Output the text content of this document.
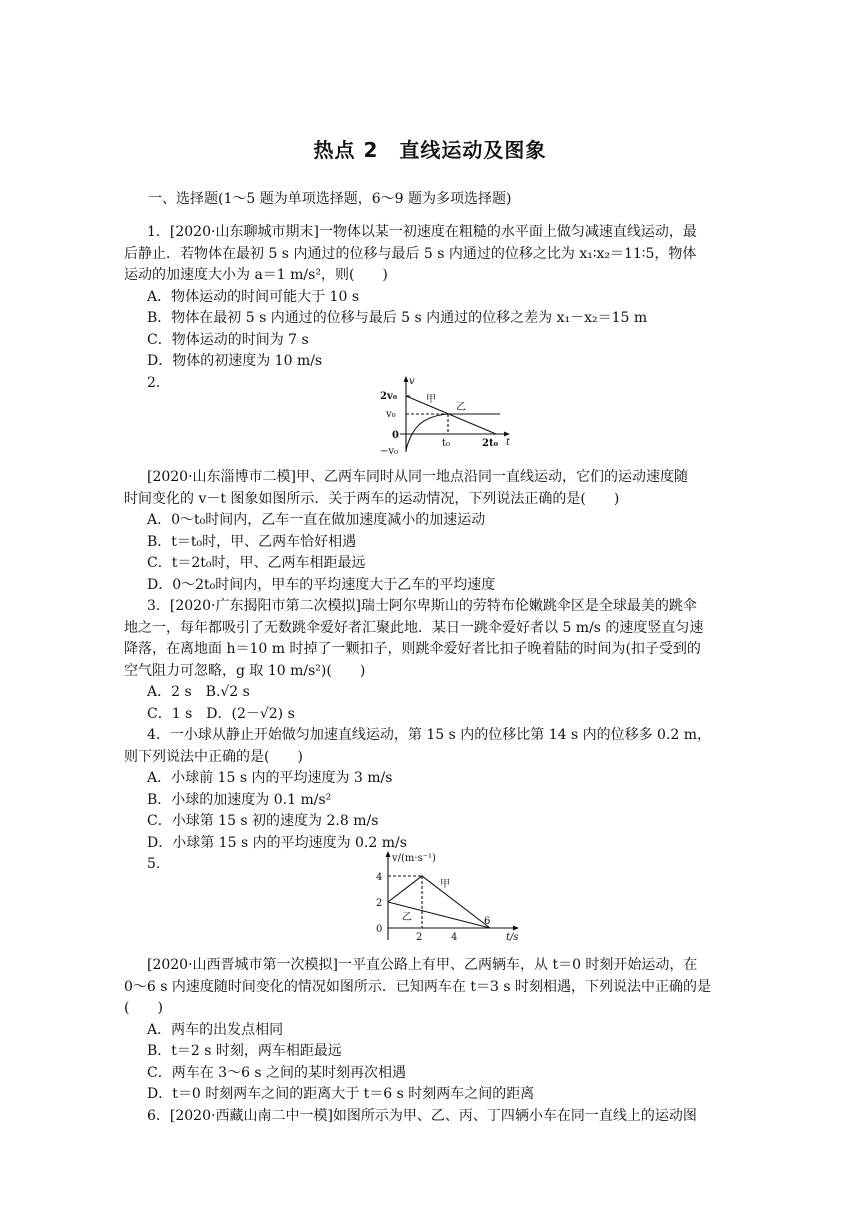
热点 2　直线运动及图象
一、选择题(1～5 题为单项选择题，6～9 题为多项选择题)

1．[2020·山东聊城市期末]一物体以某一初速度在粗糙的水平面上做匀减速直线运动，最

后静止．若物体在最初 5 s 内通过的位移与最后 5 s 内通过的位移之比为 x₁∶x₂＝11∶5，物体

运动的加速度大小为 a＝1 m/s²，则(　　)

A．物体运动的时间可能大于 10 s

B．物体在最初 5 s 内通过的位移与最后 5 s 内通过的位移之差为 x₁－x₂＝15 m

C．物体运动的时间为 7 s

D．物体的初速度为 10 m/s

2.	v
2v₀
v₀
0
−v₀
t₀	2t₀ t
甲
乙

[2020·山东淄博市二模]甲、乙两车同时从同一地点沿同一直线运动，它们的运动速度随

时间变化的 v－t 图象如图所示．关于两车的运动情况，下列说法正确的是(　　)

A．0～t₀时间内，乙车一直在做加速度减小的加速运动

B．t＝t₀时，甲、乙两车恰好相遇

C．t＝2t₀时，甲、乙两车相距最远

D．0～2t₀时间内，甲车的平均速度大于乙车的平均速度

3．[2020·广东揭阳市第二次模拟]瑞士阿尔卑斯山的劳特布伦嫩跳伞区是全球最美的跳伞

地之一，每年都吸引了无数跳伞爱好者汇聚此地．某日一跳伞爱好者以 5 m/s 的速度竖直匀速

降落，在离地面 h＝10 m 时掉了一颗扣子，则跳伞爱好者比扣子晚着陆的时间为(扣子受到的

空气阻力可忽略，g 取 10 m/s²)(　　)

A．2 s　B.√2 s

C．1 s　D．(2－√2) s

4．一小球从静止开始做匀加速直线运动，第 15 s 内的位移比第 14 s 内的位移多 0.2 m，

则下列说法中正确的是(　　)

A．小球前 15 s 内的平均速度为 3 m/s

B．小球的加速度为 0.1 m/s²

C．小球第 15 s 初的速度为 2.8 m/s

D．小球第 15 s 内的平均速度为 0.2 m/s

5.	v/(m·s⁻¹)
4
2
0
2	4
6
t/s
甲
乙

[2020·山西晋城市第一次模拟]一平直公路上有甲、乙两辆车，从 t＝0 时刻开始运动，在

0～6 s 内速度随时间变化的情况如图所示．已知两车在 t＝3 s 时刻相遇，下列说法中正确的是

(　　)

A．两车的出发点相同

B．t＝2 s 时刻，两车相距最远

C．两车在 3～6 s 之间的某时刻再次相遇

D．t＝0 时刻两车之间的距离大于 t＝6 s 时刻两车之间的距离

6．[2020·西藏山南二中一模]如图所示为甲、乙、丙、丁四辆小车在同一直线上的运动图
